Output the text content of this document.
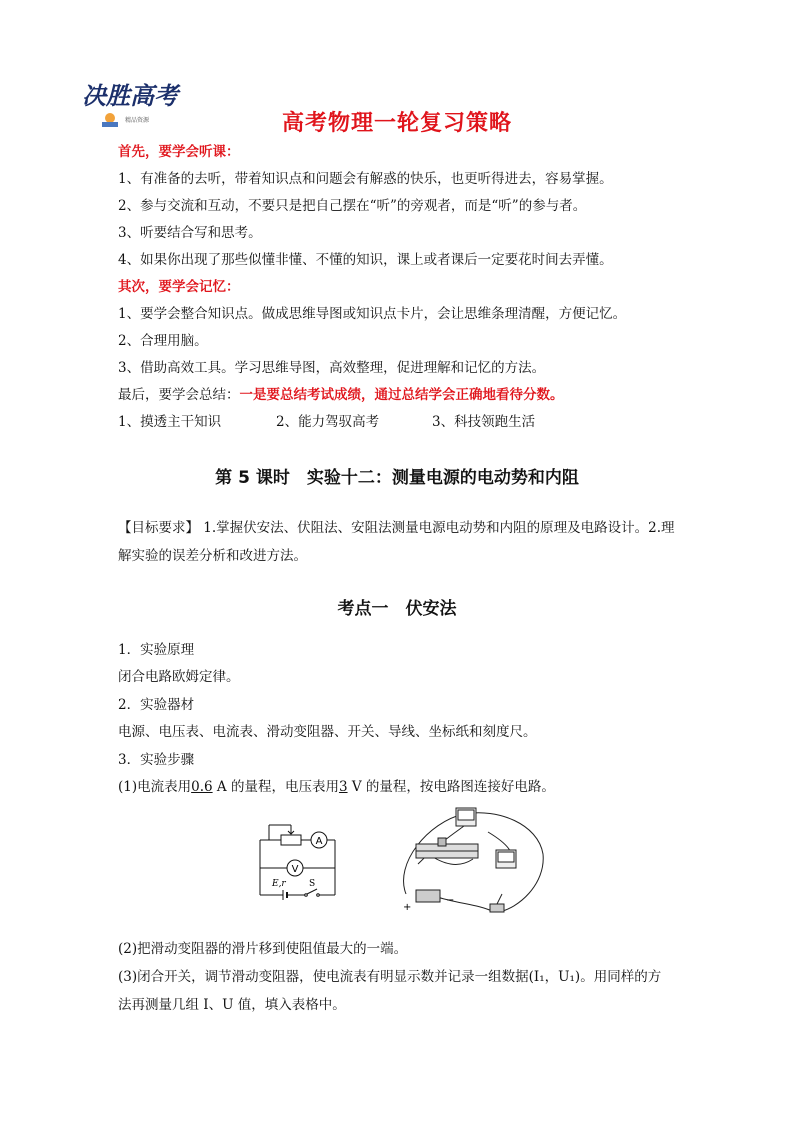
决胜高考
精品资源	高考物理一轮复习策略
首先，要学会听课：
1、有准备的去听，带着知识点和问题会有解惑的快乐，也更听得进去，容易掌握。
2、参与交流和互动，不要只是把自己摆在“听”的旁观者，而是“听”的参与者。
3、听要结合写和思考。
4、如果你出现了那些似懂非懂、不懂的知识，课上或者课后一定要花时间去弄懂。
其次，要学会记忆：
1、要学会整合知识点。做成思维导图或知识点卡片，会让思维条理清醒，方便记忆。
2、合理用脑。
3、借助高效工具。学习思维导图，高效整理，促进理解和记忆的方法。
最后，要学会总结：一是要总结考试成绩，通过总结学会正确地看待分数。
1、摸透主干知识	2、能力驾驭高考	3、科技领跑生活
第 5 课时　实验十二：测量电源的电动势和内阻
【目标要求】 1.掌握伏安法、伏阻法、安阻法测量电源电动势和内阻的原理及电路设计。2.理解实验的误差分析和改进方法。
考点一　伏安法
1．实验原理
闭合电路欧姆定律。
2．实验器材
电源、电压表、电流表、滑动变阻器、开关、导线、坐标纸和刻度尺。
3．实验步骤
(1)电流表用0.6 A 的量程，电压表用3 V 的量程，按电路图连接好电路。
A
V
E,r	S
+
−
(2)把滑动变阻器的滑片移到使阻值最大的一端。
(3)闭合开关，调节滑动变阻器，使电流表有明显示数并记录一组数据(I₁，U₁)。用同样的方
法再测量几组 I、U 值，填入表格中。
